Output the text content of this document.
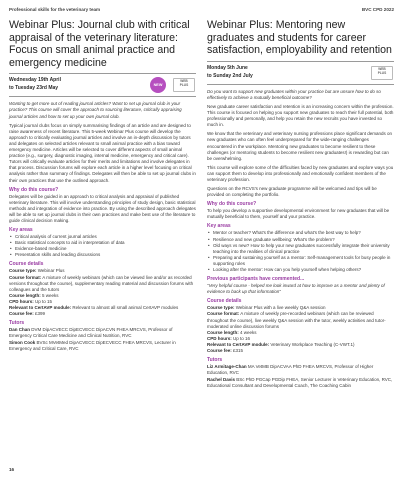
Professional skills for the veterinary team	BVC CPD 2022
Webinar Plus: Journal club with critical appraisal of the veterinary literature: Focus on small animal practice and emergency medicine
Wednesday 19th April
to Tuesday 23rd May	NEW
WEB
PLUS

Wanting to get more out of reading journal articles? Want to set up journal club in your practice? This course will cover the approach to sourcing literature, critically appraising journal articles and how to set up your own journal club.

Typical journal clubs focus on simply summarising findings of an article and are designed to raise awareness of recent literature. This 5-week Webinar Plus course will develop the approach to critically evaluating journal articles and involve an in-depth discussion by tutors and delegates on selected articles relevant to small animal practice with a bias toward emergency medicine. Articles will be selected to cover different aspects of small animal practice (e.g., surgery, diagnostic imaging, internal medicine, emergency and critical care). Tutors will critically evaluate articles for their merits and limitations and involve delegates in that process. Discussion forums will explore each article in a higher level focusing on critical analysis rather than summary of findings. Delegates will then be able to set up journal clubs in their own practices that use the outlined approach.

Why do this course?

Delegates will be guided in an approach to critical analysis and appraisal of published veterinary literature. This will involve understanding principles of study design, basic statistical methods and integration of evidence into practice. By using the described approach delegates will be able to set up journal clubs in their own practices and make best use of the literature to guide clinical decision making.

Key areas
• Critical analysis of current journal articles
• Basic statistical concepts to aid in interpretation of data
• Evidence-based medicine
• Presentation skills and leading discussions
Course details

Course type: Webinar Plus

Course format: A mixture of weekly webinars (which can be viewed live and/or as recorded versions throughout the course), supplementary reading material and discussion forums with colleagues and the tutors

Course length: 5 weeks

CPD hours: Up to 15

Relevant to CertAVP module: Relevant to almost all small animal CertAVP modules

Course fee: £399

Tutors

Dan Chan DVM DipACVECC DipECVECC DipACVN FHEA MRCVS, Professor of Emergency Critical Care Medicine and Clinical Nutrition, RVC

Simon Cook BVSc MVetMed DipACVECC DipECVECC FHEA MRCVS, Lecturer in Emergency and Critical Care, RVC

Webinar Plus: Mentoring new graduates and students for career satisfaction, employability and retention
Monday 5th June
to Sunday 2nd July
WEB
PLUS

Do you want to support new graduates within your practice but are unsure how to do so effectively to achieve a mutually beneficial outcome?

New graduate career satisfaction and retention is an increasing concern within the profession. This course is focused on helping you support new graduates to reach their full potential, both professionally and personally, and help you retain the new recruits you have invested so much in.

We know that the veterinary and veterinary nursing professions place significant demands on new graduates who can often feel underprepared for the wide-ranging challenges encountered in the workplace. Mentoring new graduates to become resilient to these challenges (or mentoring students to become resilient new graduates!) is rewarding but can be overwhelming.

This course will explore some of the difficulties faced by new graduates and explore ways you can support them to develop into professionally and emotionally confident members of the veterinary profession.

Questions on the RCVS's new graduate programme will be welcomed and tips will be provided on completing the portfolio.

Why do this course?

To help you develop a supportive developmental environment for new graduates that will be mutually beneficial to them, yourself and your practice.

Key areas
• Mentor or teacher? What's the difference and what's the best way to help?
• Resilience and new graduate wellbeing: What's the problem?
• Old ways vs new? How to help your new graduates successfully integrate their university teaching into the realities of clinical practice
• Preparing and sustaining yourself as a mentor: Self-management tools for busy people in supporting roles
• Looking after the mentor: How can you help yourself when helping others?
Previous participants have commented...

"Very helpful course - helped me look inward at how to improve as a mentor and plenty of evidence to back up that information"

Course details

Course type: Webinar Plus with a live weekly Q&A session

Course format: A mixture of weekly pre-recorded webinars (which can be reviewed throughout the course), live weekly Q&A session with the tutor, weekly activities and tutor-moderated online discussion forums

Course length: 4 weeks

CPD hours: Up to 16

Relevant to CertAVP module: Veterinary Workplace Teaching (C-VWT.1)

Course fee: £315

Tutors

Liz Armitage-Chan MA VetMB DipACVAA PhD FHEA MRCVS, Professor of Higher Education, RVC

Rachel Davis BSc PhD PGCap PGDip FHEA, Senior Lecturer in Veterinary Education, RVC, Educational Consultant and Developmental Coach, The Coaching Cabin

16
